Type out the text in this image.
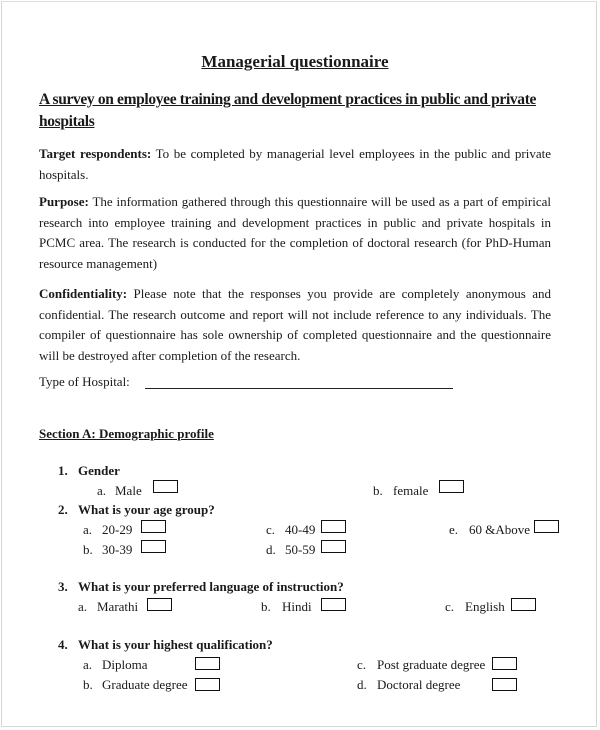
Managerial questionnaire
A survey on employee training and development practices in public and private hospitals
Target respondents: To be completed by managerial level employees in the public and private hospitals.
Purpose: The information gathered through this questionnaire will be used as a part of empirical research into employee training and development practices in public and private hospitals in PCMC area. The research is conducted for the completion of doctoral research (for PhD-Human resource management)
Confidentiality: Please note that the responses you provide are completely anonymous and confidential. The research outcome and report will not include reference to any individuals. The compiler of questionnaire has sole ownership of completed questionnaire and the questionnaire will be destroyed after completion of the research.
Type of Hospital:
Section A: Demographic profile
1. Gender
a. Male	b. female
2. What is your age group?
a. 20-29
b. 30-39
c. 40-49
d. 50-59
e. 60 &Above
3. What is your preferred language of instruction?
a. Marathi	b. Hindi	c. English
4. What is your highest qualification?
a. Diploma
b. Graduate degree
c. Post graduate degree
d. Doctoral degree
